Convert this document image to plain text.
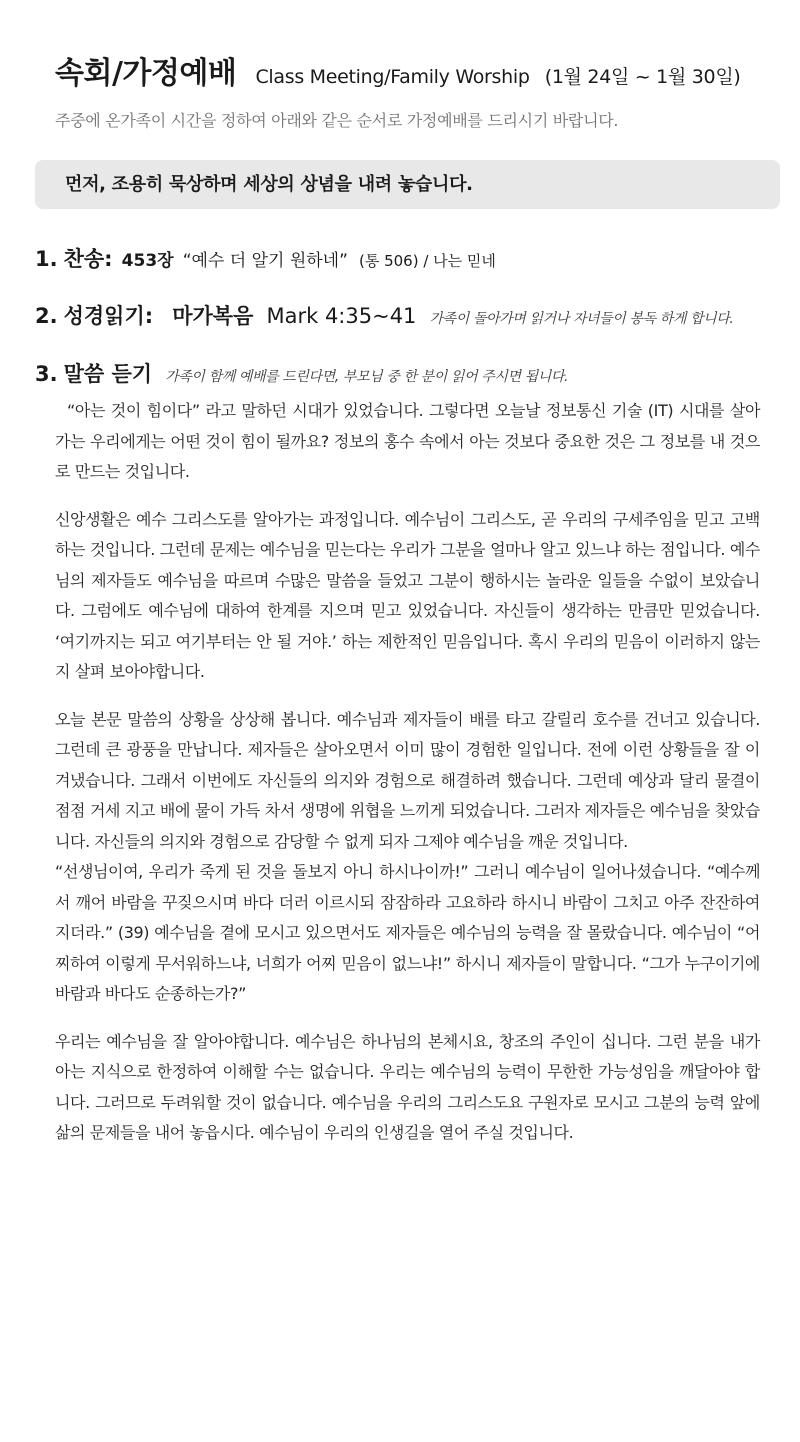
속회/가정예배 Class Meeting/Family Worship (1월 24일 ~ 1월 30일)
주중에 온가족이 시간을 정하여 아래와 같은 순서로 가정예배를 드리시기 바랍니다.
먼저, 조용히 묵상하며 세상의 상념을 내려 놓습니다.
1. 찬송: 453장 “예수 더 알기 원하네” (통 506) / 나는 믿네
2. 성경읽기: 마가복음 Mark 4:35~41 가족이 돌아가며 읽거나 자녀들이 봉독 하게 합니다.
3. 말씀 듣기 가족이 함께 예배를 드린다면, 부모님 중 한 분이 읽어 주시면 됩니다.

“아는 것이 힘이다” 라고 말하던 시대가 있었습니다. 그렇다면 오늘날 정보통신 기술 (IT) 시대를 살아가는 우리에게는 어떤 것이 힘이 될까요? 정보의 홍수 속에서 아는 것보다 중요한 것은 그 정보를 내 것으로 만드는 것입니다.

신앙생활은 예수 그리스도를 알아가는 과정입니다. 예수님이 그리스도, 곧 우리의 구세주임을 믿고 고백하는 것입니다. 그런데 문제는 예수님을 믿는다는 우리가 그분을 얼마나 알고 있느냐 하는 점입니다. 예수님의 제자들도 예수님을 따르며 수많은 말씀을 들었고 그분이 행하시는 놀라운 일들을 수없이 보았습니다. 그럼에도 예수님에 대하여 한계를 지으며 믿고 있었습니다. 자신들이 생각하는 만큼만 믿었습니다. ‘여기까지는 되고 여기부터는 안 될 거야.’ 하는 제한적인 믿음입니다. 혹시 우리의 믿음이 이러하지 않는지 살펴 보아야합니다.

오늘 본문 말씀의 상황을 상상해 봅니다. 예수님과 제자들이 배를 타고 갈릴리 호수를 건너고 있습니다. 그런데 큰 광풍을 만납니다. 제자들은 살아오면서 이미 많이 경험한 일입니다. 전에 이런 상황들을 잘 이겨냈습니다. 그래서 이번에도 자신들의 의지와 경험으로 해결하려 했습니다. 그런데 예상과 달리 물결이 점점 거세 지고 배에 물이 가득 차서 생명에 위협을 느끼게 되었습니다. 그러자 제자들은 예수님을 찾았습니다. 자신들의 의지와 경험으로 감당할 수 없게 되자 그제야 예수님을 깨운 것입니다.

“선생님이여, 우리가 죽게 된 것을 돌보지 아니 하시나이까!” 그러니 예수님이 일어나셨습니다. “예수께서 깨어 바람을 꾸짖으시며 바다 더러 이르시되 잠잠하라 고요하라 하시니 바람이 그치고 아주 잔잔하여지더라.” (39) 예수님을 곁에 모시고 있으면서도 제자들은 예수님의 능력을 잘 몰랐습니다. 예수님이 “어찌하여 이렇게 무서워하느냐, 너희가 어찌 믿음이 없느냐!” 하시니 제자들이 말합니다. “그가 누구이기에 바람과 바다도 순종하는가?”

우리는 예수님을 잘 알아야합니다. 예수님은 하나님의 본체시요, 창조의 주인이 십니다. 그런 분을 내가 아는 지식으로 한정하여 이해할 수는 없습니다. 우리는 예수님의 능력이 무한한 가능성임을 깨달아야 합니다. 그러므로 두려워할 것이 없습니다. 예수님을 우리의 그리스도요 구원자로 모시고 그분의 능력 앞에 삶의 문제들을 내어 놓읍시다. 예수님이 우리의 인생길을 열어 주실 것입니다.
